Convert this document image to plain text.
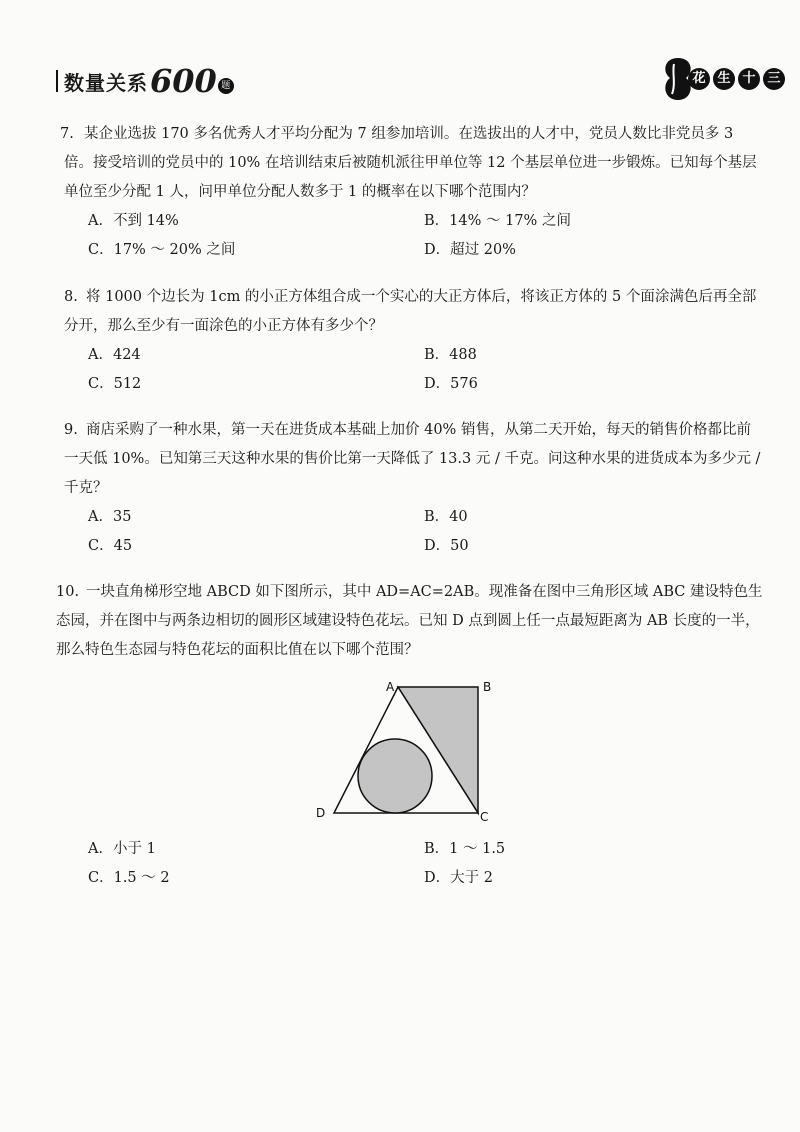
数量关系 600 题	花 生 十 三

7. 某企业选拔 170 多名优秀人才平均分配为 7 组参加培训。在选拔出的人才中，党员人数比非党员多 3 倍。接受培训的党员中的 10% 在培训结束后被随机派往甲单位等 12 个基层单位进一步锻炼。已知每个基层单位至少分配 1 人，问甲单位分配人数多于 1 的概率在以下哪个范围内？

A．不到 14%	B．14% ～ 17% 之间
C．17% ～ 20% 之间	D．超过 20%

8. 将 1000 个边长为 1cm 的小正方体组合成一个实心的大正方体后，将该正方体的 5 个面涂满色后再全部分开，那么至少有一面涂色的小正方体有多少个？

A．424	B．488
C．512	D．576

9. 商店采购了一种水果，第一天在进货成本基础上加价 40% 销售，从第二天开始，每天的销售价格都比前一天低 10%。已知第三天这种水果的售价比第一天降低了 13.3 元 / 千克。问这种水果的进货成本为多少元 / 千克？

A．35	B．40
C．45	D．50

10. 一块直角梯形空地 ABCD 如下图所示，其中 AD=AC=2AB。现准备在图中三角形区域 ABC 建设特色生态园，并在图中与两条边相切的圆形区域建设特色花坛。已知 D 点到圆上任一点最短距离为 AB 长度的一半，那么特色生态园与特色花坛的面积比值在以下哪个范围？

A	B
C
D
A．小于 1	B．1 ～ 1.5
C．1.5 ～ 2	D．大于 2
